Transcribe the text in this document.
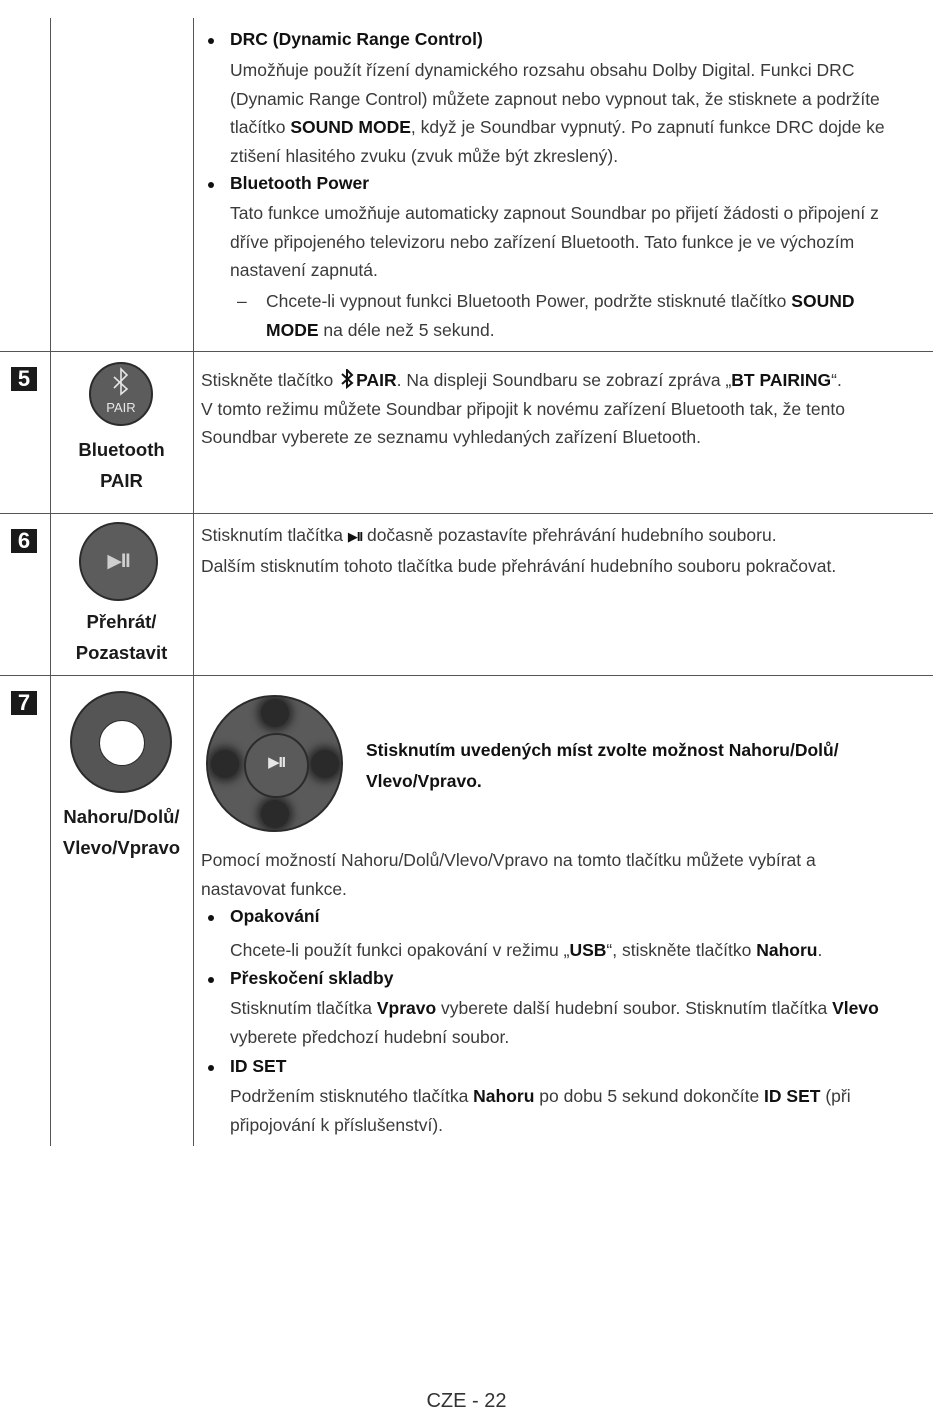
DRC (Dynamic Range Control)
Umožňuje použít řízení dynamického rozsahu obsahu Dolby Digital. Funkci DRC
(Dynamic Range Control) můžete zapnout nebo vypnout tak, že stisknete a podržíte
tlačítko SOUND MODE, když je Soundbar vypnutý. Po zapnutí funkce DRC dojde ke
ztišení hlasitého zvuku (zvuk může být zkreslený).
Bluetooth Power
Tato funkce umožňuje automaticky zapnout Soundbar po přijetí žádosti o připojení z
dříve připojeného televizoru nebo zařízení Bluetooth. Tato funkce je ve výchozím
nastavení zapnutá.
– Chcete-li vypnout funkci Bluetooth Power, podržte stisknuté tlačítko SOUND
MODE na déle než 5 sekund.
5
PAIR
Bluetooth
PAIR
Stiskněte tlačítko PAIR. Na displeji Soundbaru se zobrazí zpráva „BT PAIRING“.
V tomto režimu můžete Soundbar připojit k novému zařízení Bluetooth tak, že tento
Soundbar vyberete ze seznamu vyhledaných zařízení Bluetooth.
6
▶II
Přehrát/
Pozastavit
Stisknutím tlačítka ▶II dočasně pozastavíte přehrávání hudebního souboru.
Dalším stisknutím tohoto tlačítka bude přehrávání hudebního souboru pokračovat.
7
Nahoru/Dolů/
Vlevo/Vpravo
▶II
Stisknutím uvedených míst zvolte možnost Nahoru/Dolů/
Vlevo/Vpravo.
Pomocí možností Nahoru/Dolů/Vlevo/Vpravo na tomto tlačítku můžete vybírat a
nastavovat funkce.
Opakování
Chcete-li použít funkci opakování v režimu „USB“, stiskněte tlačítko Nahoru.
Přeskočení skladby
Stisknutím tlačítka Vpravo vyberete další hudební soubor. Stisknutím tlačítka Vlevo
vyberete předchozí hudební soubor.
ID SET
Podržením stisknutého tlačítka Nahoru po dobu 5 sekund dokončíte ID SET (při
připojování k příslušenství).
CZE - 22
